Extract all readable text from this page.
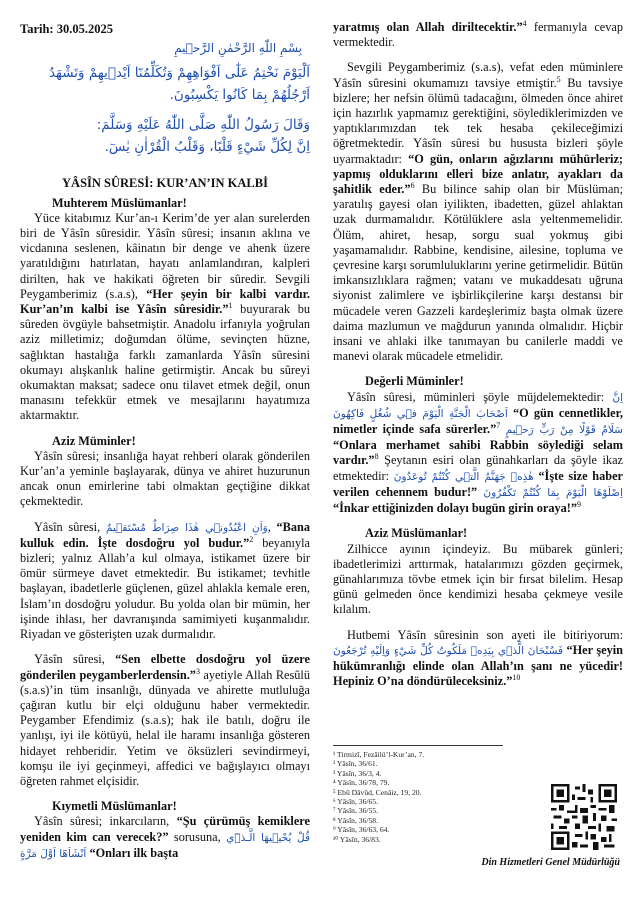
Tarih: 30.05.2025

بِسْمِ اللّٰهِ الرَّحْمٰنِ الرَّح۪يمِ

اَلْيَوْمَ نَخْتِمُ عَلٰٓى اَفْوَاهِهِمْ وَتُكَلِّمُنَٓا اَيْد۪يهِمْ وَتَشْهَدُ اَرْجُلُهُمْ بِمَا كَانُوا يَكْسِبُونَ.

وَقَالَ رَسُولُ اللّٰهِ صَلَّى اللّٰهُ عَلَيْهِ وَسَلَّمَ:

اِنَّ لِكُلِّ شَيْءٍ قَلْبًا، وَقَلْبُ الْقُرْاٰنِ يٰسٓ.

YÂSÎN SÛRESİ: KUR’AN’IN KALBİ

Muhterem Müslümanlar!

Yüce kitabımız Kur’an-ı Kerim’de yer alan surelerden biri de Yâsîn sûresidir. Yâsîn sûresi; insanın aklına ve vicdanına seslenen, kâinatın bir denge ve ahenk üzere yaratıldığını hatırlatan, hayatı anlamlandıran, kalpleri dirilten, hak ve hakikati öğreten bir sûredir. Sevgili Peygamberimiz (s.a.s), “Her şeyin bir kalbi vardır. Kur’an’ın kalbi ise Yâsîn sûresidir.”$^1$ buyurarak bu sûreden övgüyle bahsetmiştir. Anadolu irfanıyla yoğrulan aziz milletimiz; doğumdan ölüme, sevinçten hüzne, sağlıktan hastalığa farklı zamanlarda Yâsîn sûresini okumayı alışkanlık haline getirmiştir. Ancak bu sûreyi okumaktan maksat; sadece onu tilavet etmek değil, onun manasını tefekkür etmek ve mesajlarını hayatımıza aktarmaktır.

Aziz Müminler!

Yâsîn sûresi; insanlığa hayat rehberi olarak gönderilen Kur’an’a yeminle başlayarak, dünya ve ahiret huzurunun ancak onun emirlerine tabi olmaktan geçtiğine dikkat çekmektedir.

Yâsîn sûresi, وَاَنِ اعْبُدُون۪ي هٰذَا صِرَاطٌ مُسْتَق۪يمٌ, “Bana kulluk edin. İşte dosdoğru yol budur.”$^2$ beyanıyla bizleri; yalnız Allah’a kul olmaya, istikamet üzere bir ömür sürmeye davet etmektedir. Bu istikamet; tevhitle başlayan, ibadetlerle güçlenen, güzel ahlakla kemale eren, İslam’ın dosdoğru yoludur. Bu yolda olan bir mümin, her işinde ihlası, her davranışında samimiyeti kuşanmalıdır. Riyadan ve gösterişten uzak durmalıdır.

Yâsîn sûresi, “Sen elbette dosdoğru yol üzere gönderilen peygamberlerdensin.”$^3$ ayetiyle Allah Resûlü (s.a.s)’in tüm insanlığı, dünyada ve ahirette mutluluğa çağıran kutlu bir elçi olduğunu haber vermektedir. Peygamber Efendimiz (s.a.s); hak ile batılı, doğru ile yanlışı, iyi ile kötüyü, helal ile haramı insanlığa gösteren hidayet rehberidir. Yetim ve öksüzleri sevindirmeyi, komşu ile iyi geçinmeyi, affedici ve bağışlayıcı olmayı öğreten rahmet elçisidir.

Kıymetli Müslümanlar!

Yâsîn sûresi; inkarcıların, “Şu çürümüş kemiklere yeniden kim can verecek?” sorusuna, قُلْ يُحْي۪يهَا الَّـذ۪ٓي اَنْشَاَهَٓا اَوَّلَ مَرَّةٍ “Onları ilk başta

yaratmış olan Allah diriltecektir.”$^4$ fermanıyla cevap vermektedir.

Sevgili Peygamberimiz (s.a.s), vefat eden müminlere Yâsîn sûresini okumamızı tavsiye etmiştir.$^5$ Bu tavsiye bizlere; her nefsin ölümü tadacağını, ölmeden önce ahiret için hazırlık yapmamız gerektiğini, söylediklerimizden ve yaptıklarımızdan tek tek hesaba çekileceğimizi öğretmektedir. Yâsîn sûresi bu hususta bizleri şöyle uyarmaktadır: “O gün, onların ağızlarını mühürleriz; yapmış olduklarını elleri bize anlatır, ayakları da şahitlik eder.”$^6$ Bu bilince sahip olan bir Müslüman; yaratılış gayesi olan iyilikten, ibadetten, güzel ahlaktan uzak durmamalıdır. Kötülüklere asla yeltenmemelidir. Ölüm, ahiret, hesap, sorgu sual yokmuş gibi yaşamamalıdır. Rabbine, kendisine, ailesine, topluma ve çevresine karşı sorumluluklarını yerine getirmelidir. Bütün imkansızlıklara rağmen; vatanı ve mukaddesatı uğruna siyonist zalimlere ve işbirlikçilerine karşı destansı bir mücadele veren Gazzeli kardeşlerimiz başta olmak üzere daima mazlumun ve mağdurun yanında olmalıdır. Hiçbir insani ve ahlaki ilke tanımayan bu canilerle maddi ve manevi olarak mücadele etmelidir.

Değerli Müminler!

Yâsîn sûresi, müminleri şöyle müjdelemektedir: اِنَّ اَصْحَابَ الْجَنَّةِ الْيَوْمَ ف۪ي شُغُلٍ فَاكِهُونَ “O gün cennetlikler, nimetler içinde safa sürerler.”$^7$ سَلَامٌ قَوْلًا مِنْ رَبٍّ رَح۪يمٍ “Onlara merhamet sahibi Rabbin söylediği selam vardır.”$^8$ Şeytanın esiri olan günahkarları da şöyle ikaz etmektedir: هٰذِه۪ جَهَنَّمُ الَّت۪ي كُنْتُمْ تُوعَدُونَ “İşte size haber verilen cehennem budur!” اِصْلَوْهَا الْيَوْمَ بِمَا كُنْتُمْ تَكْفُرُونَ “İnkar ettiğinizden dolayı bugün girin oraya!”$^9$

Aziz Müslümanlar!

Zilhicce ayının içindeyiz. Bu mübarek günleri; ibadetlerimizi arttırmak, hatalarımızı gözden geçirmek, günahlarımıza tövbe etmek için bir fırsat bilelim. Hesap günü gelmeden önce kendimizi hesaba çekmeye vesile kılalım.

Hutbemi Yâsîn sûresinin son ayeti ile bitiriyorum: فَسُبْحَانَ الَّذ۪ي بِيَدِه۪ مَلَكُوتُ كُلِّ شَيْءٍ وَاِلَيْهِ تُرْجَعُونَ “Her şeyin hükümranlığı elinde olan Allah’ın şanı ne yücedir! Hepiniz O’na döndürüleceksiniz.”$^{10}$

¹ Tirmizî, Fezâilü’l-Kur’an, 7.
² Yâsîn, 36/61.
³ Yâsîn, 36/3, 4.
⁴ Yâsîn, 36/78, 79.
⁵ Ebû Dâvûd, Cenâiz, 19, 20.
⁶ Yâsîn, 36/65.
⁷ Yâsîn, 36/55.
⁸ Yâsîn, 36/58.
⁹ Yâsîn, 36/63, 64.
¹⁰ Yâsîn, 36/83.
Din Hizmetleri Genel Müdürlüğü
